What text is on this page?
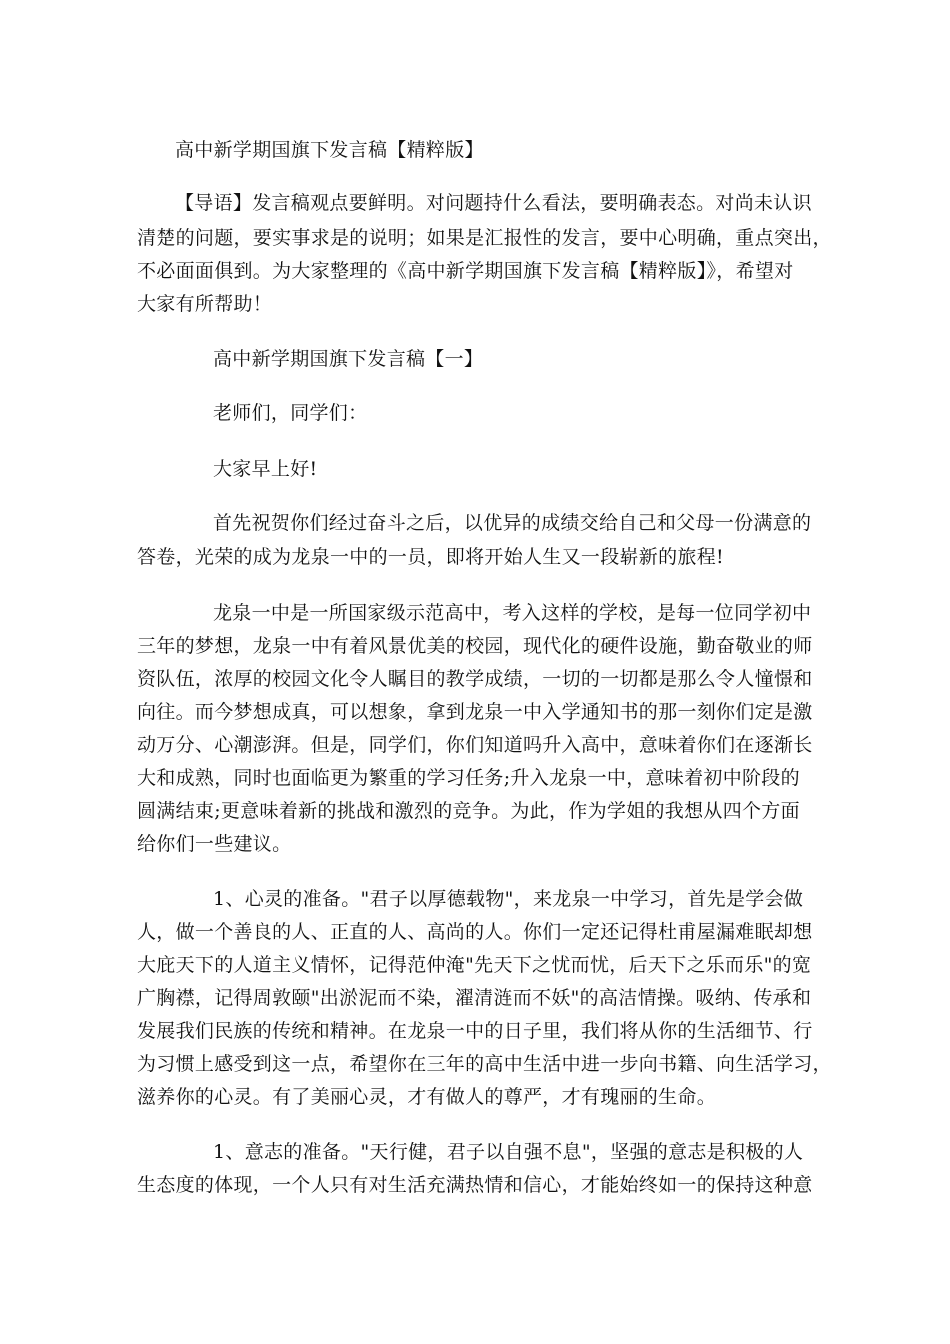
高中新学期国旗下发言稿【精粹版】
【导语】发言稿观点要鲜明。对问题持什么看法，要明确表态。对尚未认识
清楚的问题，要实事求是的说明；如果是汇报性的发言，要中心明确，重点突出，
不必面面俱到。为大家整理的《高中新学期国旗下发言稿【精粹版】》，希望对
大家有所帮助！
高中新学期国旗下发言稿【一】
老师们，同学们：
大家早上好!
首先祝贺你们经过奋斗之后，以优异的成绩交给自己和父母一份满意的
答卷，光荣的成为龙泉一中的一员，即将开始人生又一段崭新的旅程!
龙泉一中是一所国家级示范高中，考入这样的学校，是每一位同学初中
三年的梦想，龙泉一中有着风景优美的校园，现代化的硬件设施，勤奋敬业的师
资队伍，浓厚的校园文化令人瞩目的教学成绩，一切的一切都是那么令人憧憬和
向往。而今梦想成真，可以想象，拿到龙泉一中入学通知书的那一刻你们定是激
动万分、心潮澎湃。但是，同学们，你们知道吗升入高中，意味着你们在逐渐长
大和成熟，同时也面临更为繁重的学习任务;升入龙泉一中，意味着初中阶段的
圆满结束;更意味着新的挑战和激烈的竞争。为此，作为学姐的我想从四个方面
给你们一些建议。
1、心灵的准备。"君子以厚德载物"，来龙泉一中学习，首先是学会做
人，做一个善良的人、正直的人、高尚的人。你们一定还记得杜甫屋漏难眠却想
大庇天下的人道主义情怀，记得范仲淹"先天下之忧而忧，后天下之乐而乐"的宽
广胸襟，记得周敦颐"出淤泥而不染，濯清涟而不妖"的高洁情操。吸纳、传承和
发展我们民族的传统和精神。在龙泉一中的日子里，我们将从你的生活细节、行
为习惯上感受到这一点，希望你在三年的高中生活中进一步向书籍、向生活学习，
滋养你的心灵。有了美丽心灵，才有做人的尊严，才有瑰丽的生命。
1、意志的准备。"天行健，君子以自强不息"，坚强的意志是积极的人
生态度的体现，一个人只有对生活充满热情和信心，才能始终如一的保持这种意
